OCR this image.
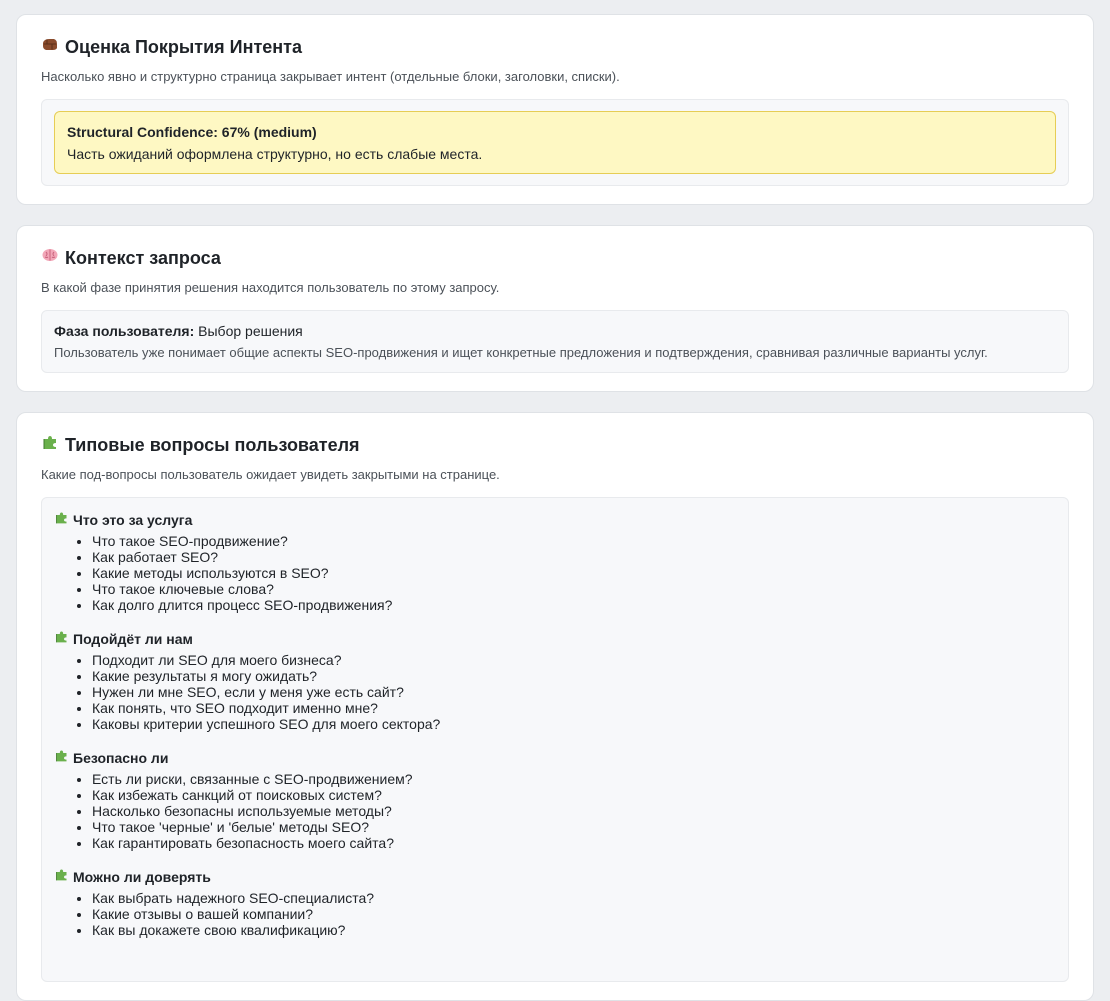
Оценка Покрытия Интента

Насколько явно и структурно страница закрывает интент (отдельные блоки, заголовки, списки).

Structural Confidence: 67% (medium)
Часть ожиданий оформлена структурно, но есть слабые места.
Контекст запроса

В какой фазе принятия решения находится пользователь по этому запросу.

Фаза пользователя: Выбор решения
Пользователь уже понимает общие аспекты SEO-продвижения и ищет конкретные предложения и подтверждения, сравнивая различные варианты услуг.
Типовые вопросы пользователя

Какие под-вопросы пользователь ожидает увидеть закрытыми на странице.

Что это за услуга
• Что такое SEO-продвижение?
• Как работает SEO?
• Какие методы используются в SEO?
• Что такое ключевые слова?
• Как долго длится процесс SEO-продвижения?
Подойдёт ли нам
• Подходит ли SEO для моего бизнеса?
• Какие результаты я могу ожидать?
• Нужен ли мне SEO, если у меня уже есть сайт?
• Как понять, что SEO подходит именно мне?
• Каковы критерии успешного SEO для моего сектора?
Безопасно ли
• Есть ли риски, связанные с SEO-продвижением?
• Как избежать санкций от поисковых систем?
• Насколько безопасны используемые методы?
• Что такое 'черные' и 'белые' методы SEO?
• Как гарантировать безопасность моего сайта?
Можно ли доверять
• Как выбрать надежного SEO-специалиста?
• Какие отзывы о вашей компании?
• Как вы докажете свою квалификацию?
